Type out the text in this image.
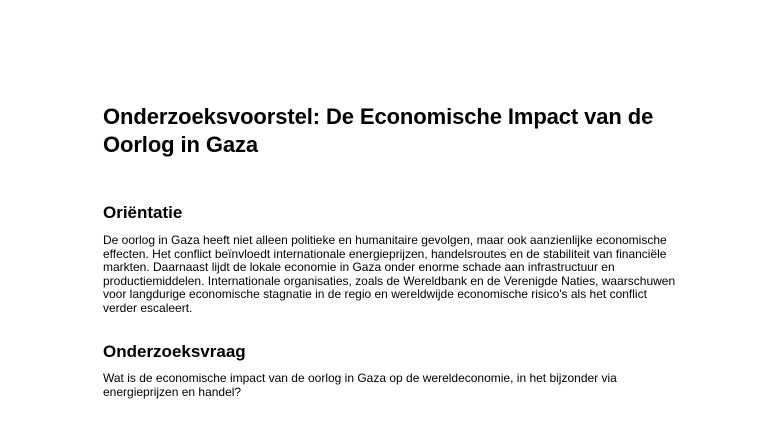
Onderzoeksvoorstel: De Economische Impact van de Oorlog in Gaza
Oriëntatie

De oorlog in Gaza heeft niet alleen politieke en humanitaire gevolgen, maar ook aanzienlijke economische effecten. Het conflict beïnvloedt internationale energieprijzen, handelsroutes en de stabiliteit van financiële markten. Daarnaast lijdt de lokale economie in Gaza onder enorme schade aan infrastructuur en productiemiddelen. Internationale organisaties, zoals de Wereldbank en de Verenigde Naties, waarschuwen voor langdurige economische stagnatie in de regio en wereldwijde economische risico's als het conflict verder escaleert.

Onderzoeksvraag

Wat is de economische impact van de oorlog in Gaza op de wereldeconomie, in het bijzonder via energieprijzen en handel?
